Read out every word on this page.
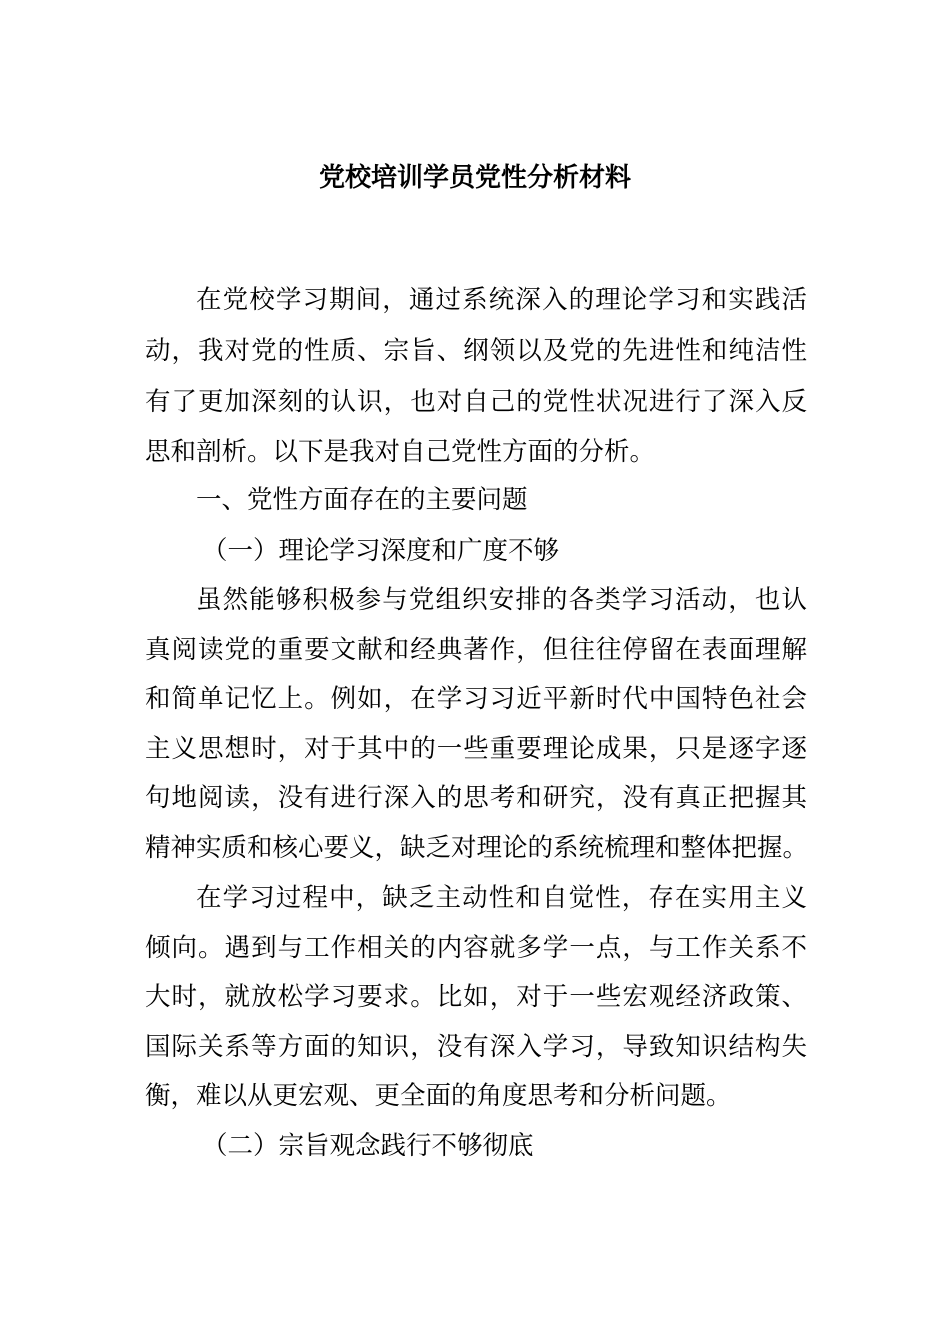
党校培训学员党性分析材料
在党校学习期间，通过系统深入的理论学习和实践活
动，我对党的性质、宗旨、纲领以及党的先进性和纯洁性
有了更加深刻的认识，也对自己的党性状况进行了深入反
思和剖析。以下是我对自己党性方面的分析。
一、党性方面存在的主要问题
（一）理论学习深度和广度不够
虽然能够积极参与党组织安排的各类学习活动，也认
真阅读党的重要文献和经典著作，但往往停留在表面理解
和简单记忆上。例如，在学习习近平新时代中国特色社会
主义思想时，对于其中的一些重要理论成果，只是逐字逐
句地阅读，没有进行深入的思考和研究，没有真正把握其
精神实质和核心要义，缺乏对理论的系统梳理和整体把握。
在学习过程中，缺乏主动性和自觉性，存在实用主义
倾向。遇到与工作相关的内容就多学一点，与工作关系不
大时，就放松学习要求。比如，对于一些宏观经济政策、
国际关系等方面的知识，没有深入学习，导致知识结构失
衡，难以从更宏观、更全面的角度思考和分析问题。
（二）宗旨观念践行不够彻底
